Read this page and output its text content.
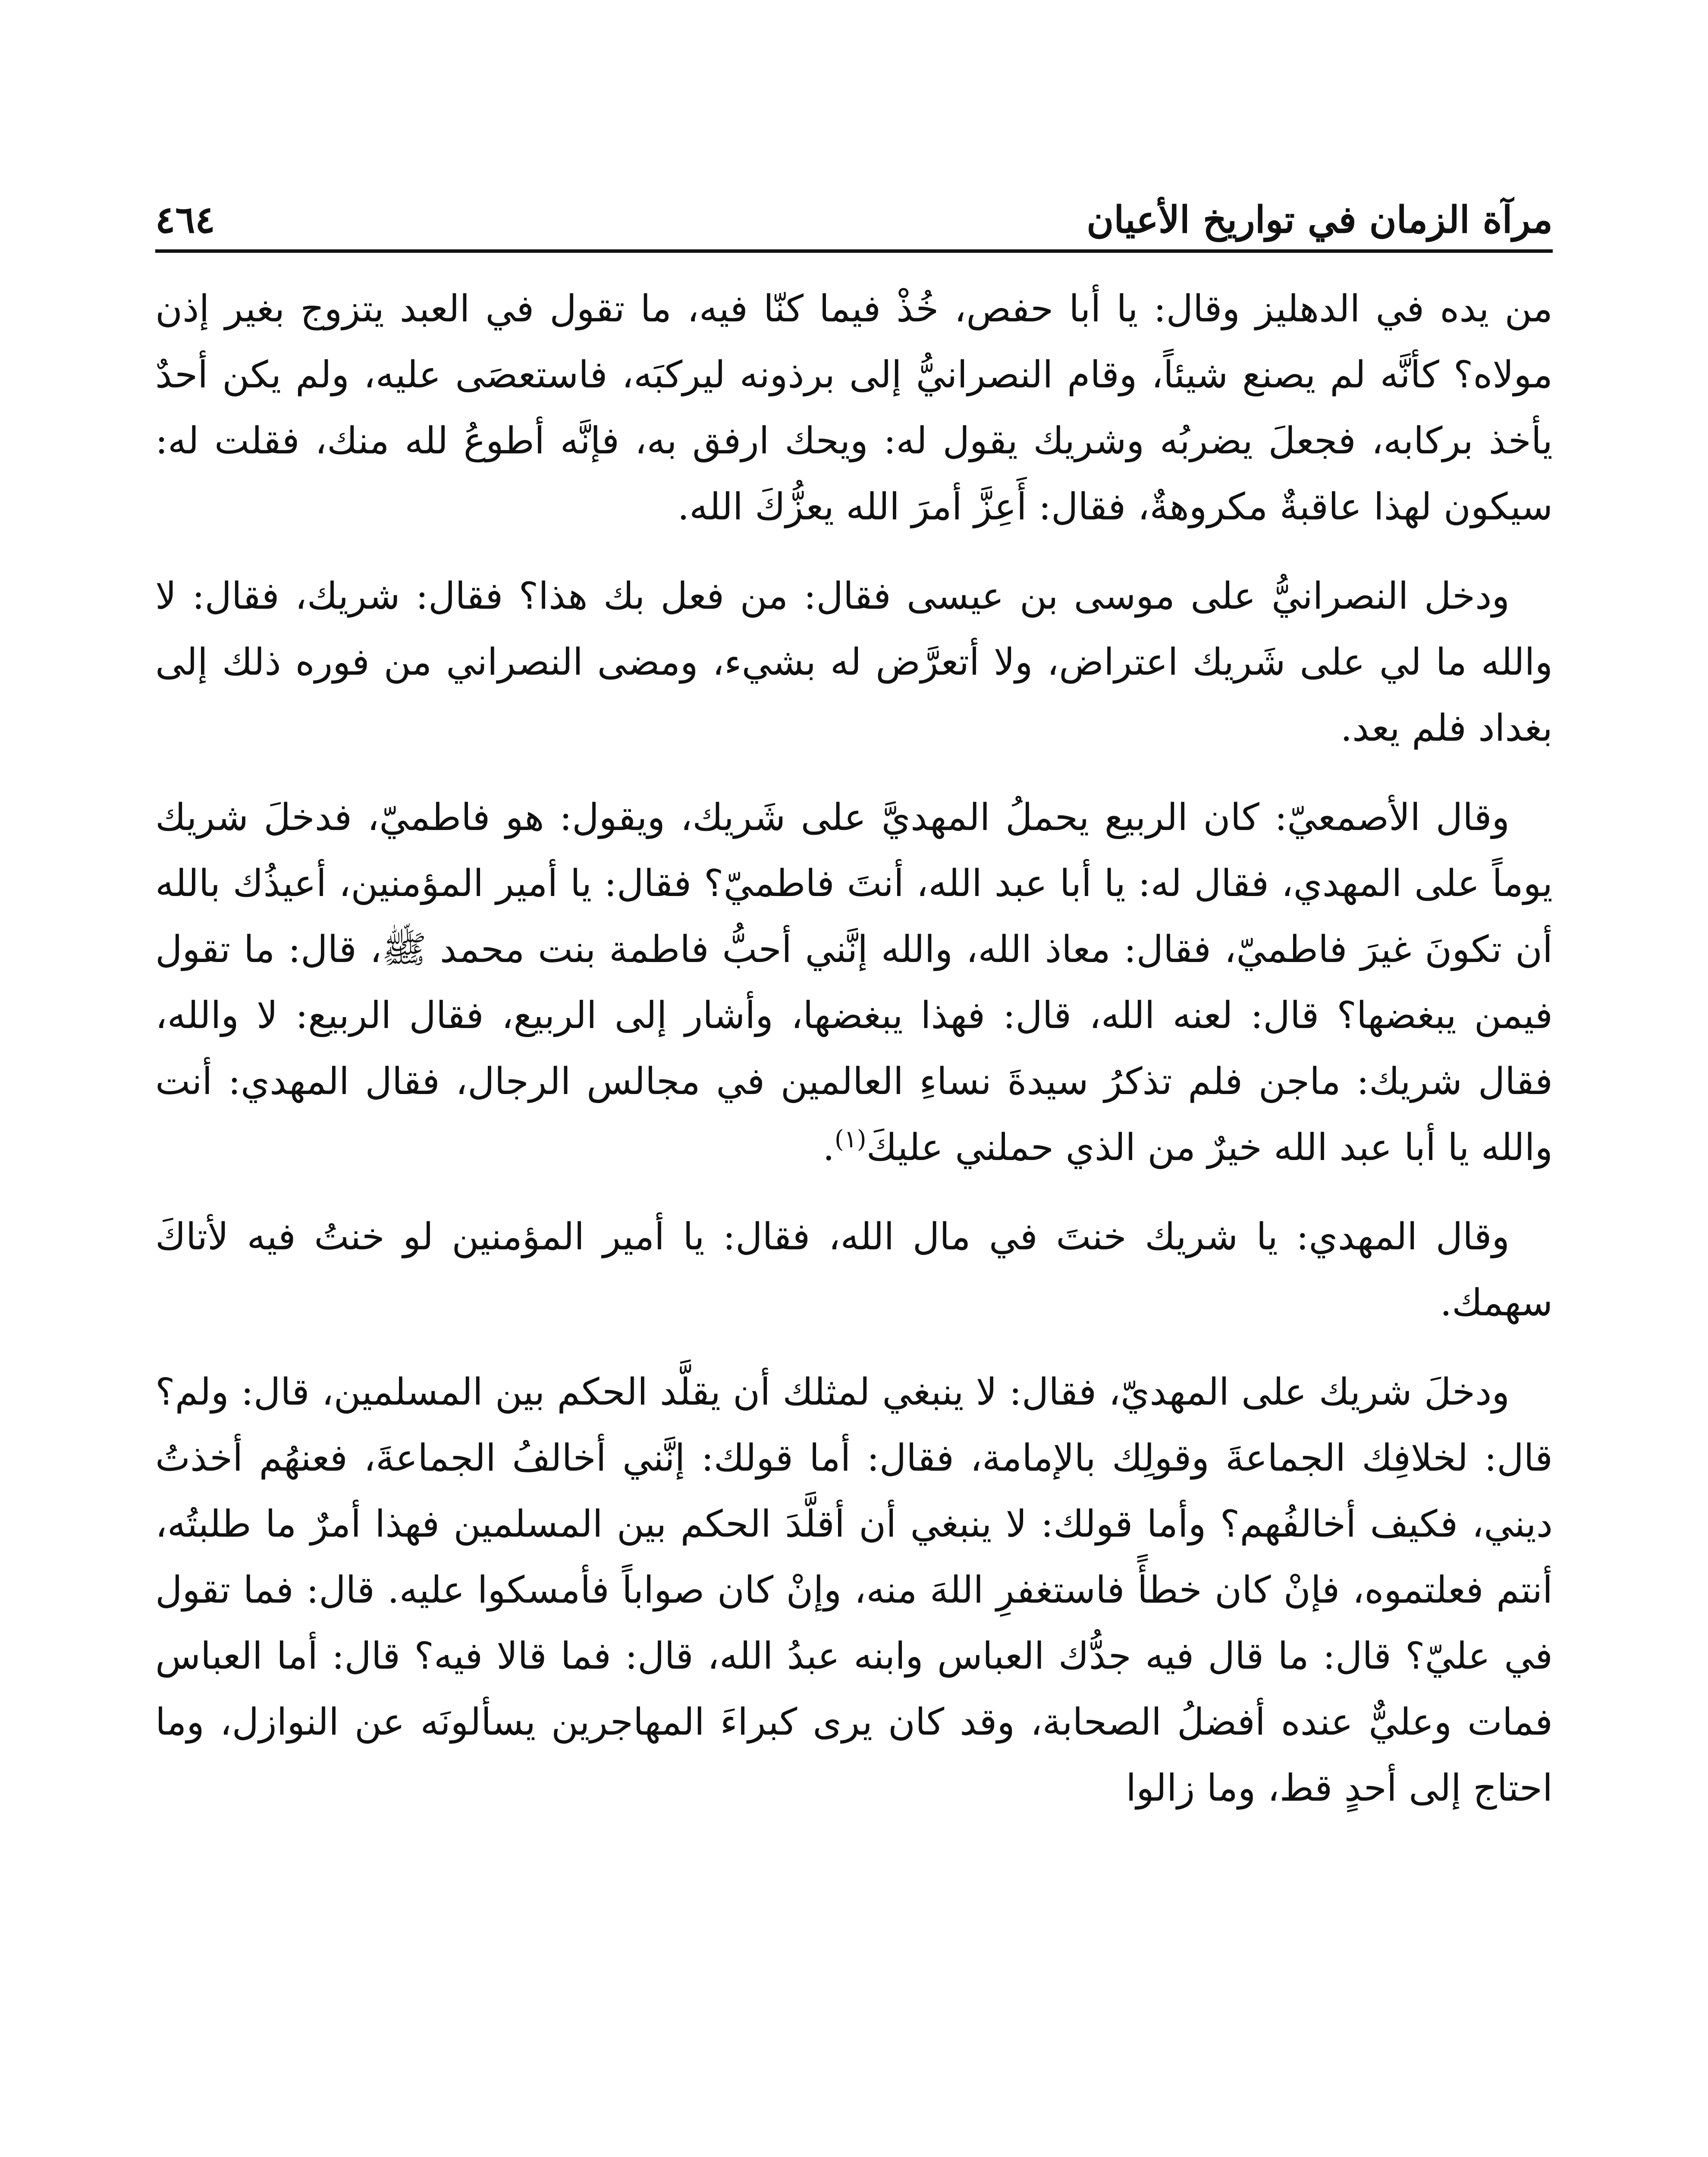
مرآة الزمان في تواريخ الأعيان
٤٦٤

من يده في الدهليز وقال: يا أبا حفص، خُذْ فيما كنّا فيه، ما تقول في العبد يتزوج بغير إذن مولاه؟ كأنَّه لم يصنع شيئاً، وقام النصرانيُّ إلى برذونه ليركبَه، فاستعصَى عليه، ولم يكن أحدٌ يأخذ بركابه، فجعلَ يضربُه وشريك يقول له: ويحك ارفق به، فإنَّه أطوعُ لله منك، فقلت له: سيكون لهذا عاقبةٌ مكروهةٌ، فقال: أَعِزَّ أمرَ الله يعزُّكَ الله.

ودخل النصرانيُّ على موسى بن عيسى فقال: من فعل بك هذا؟ فقال: شريك، فقال: لا والله ما لي على شَريك اعتراض، ولا أتعرَّض له بشيء، ومضى النصراني من فوره ذلك إلى بغداد فلم يعد.

وقال الأصمعيّ: كان الربيع يحملُ المهديَّ على شَريك، ويقول: هو فاطميّ، فدخلَ شريك يوماً على المهدي، فقال له: يا أبا عبد الله، أنتَ فاطميّ؟ فقال: يا أمير المؤمنين، أعيذُك بالله أن تكونَ غيرَ فاطميّ، فقال: معاذ الله، والله إنَّني أحبُّ فاطمة بنت محمد ﷺ، قال: ما تقول فيمن يبغضها؟ قال: لعنه الله، قال: فهذا يبغضها، وأشار إلى الربيع، فقال الربيع: لا والله، فقال شريك: ماجن فلم تذكرُ سيدةَ نساءِ العالمين في مجالس الرجال، فقال المهدي: أنت والله يا أبا عبد الله خيرٌ من الذي حملني عليكَ$^{(١)}$.

وقال المهدي: يا شريك خنتَ في مال الله، فقال: يا أمير المؤمنين لو خنتُ فيه لأتاكَ سهمك.

ودخلَ شريك على المهديّ، فقال: لا ينبغي لمثلك أن يقلَّد الحكم بين المسلمين، قال: ولم؟ قال: لخلافِك الجماعةَ وقولِك بالإمامة، فقال: أما قولك: إنَّني أخالفُ الجماعةَ، فعنهُم أخذتُ ديني، فكيف أخالفُهم؟ وأما قولك: لا ينبغي أن أقلَّدَ الحكم بين المسلمين فهذا أمرٌ ما طلبتُه، أنتم فعلتموه، فإنْ كان خطأً فاستغفرِ اللهَ منه، وإنْ كان صواباً فأمسكوا عليه. قال: فما تقول في عليّ؟ قال: ما قال فيه جدُّك العباس وابنه عبدُ الله، قال: فما قالا فيه؟ قال: أما العباس فمات وعليٌّ عنده أفضلُ الصحابة، وقد كان يرى كبراءَ المهاجرين يسألونَه عن النوازل، وما احتاج إلى أحدٍ قط، وما زالوا
